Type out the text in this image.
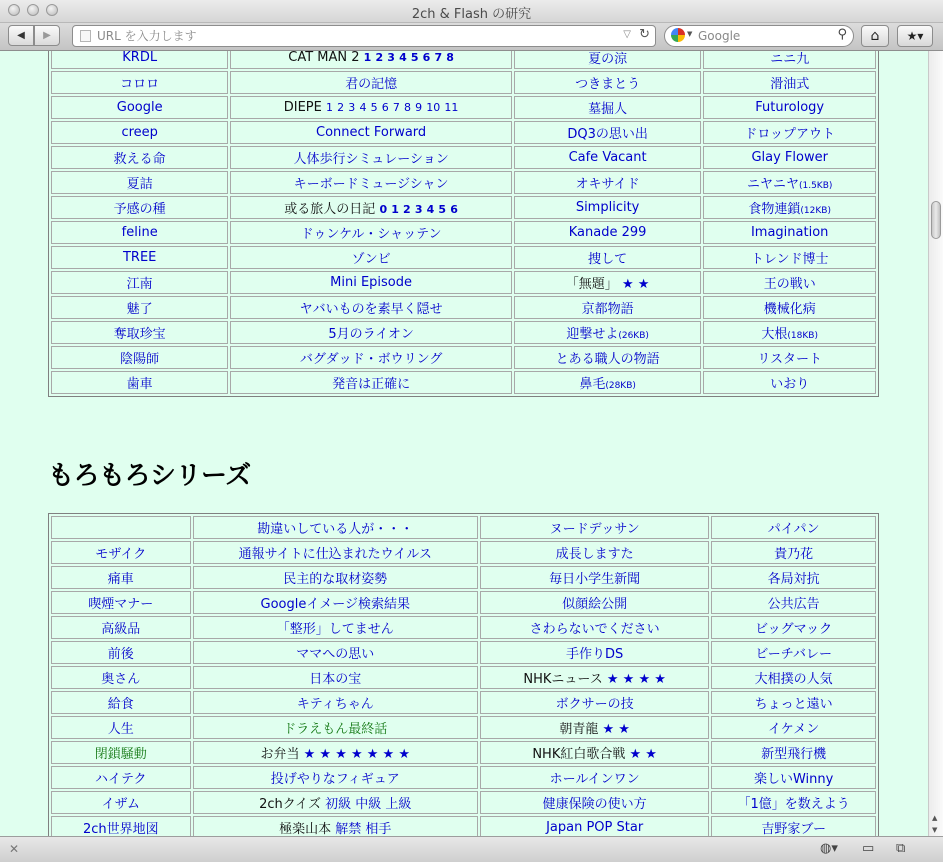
2ch & Flash の研究
◀ ▶
URL を入力します	▽ ↻	▼
Google	⚲ ⌂ ★▾
KRDL	CAT MAN 2 1 2 3 4 5 6 7 8	夏の涼	ニニ九
コロロ	君の記憶	つきまとう	滑油式
Google	DIEPE 1 2 3 4 5 6 7 8 9 10 11	墓掘人	Futurology
creep	Connect Forward	DQ3の思い出	ドロップアウト
救える命	人体歩行シミュレーション	Cafe Vacant	Glay Flower
夏詰	キーボードミュージシャン	オキサイド	ニヤニヤ(1.5KB)
予感の種	或る旅人の日記 0 1 2 3 4 5 6	Simplicity	食物連鎖(12KB)
feline	ドゥンケル・シャッテン	Kanade 299	Imagination
TREE	ゾンビ	捜して	トレンド博士
江南	Mini Episode	「無題」 ★ ★	王の戦い
魅了	ヤバいものを素早く隠せ	京都物語	機械化病
奪取珍宝	5月のライオン	迎撃せよ(26KB)	大根(18KB)
陰陽師	バグダッド・ボウリング	とある職人の物語	リスタート
歯車	発音は正確に	鼻毛(28KB)	いおり
もろもろシリーズ
	勘違いしている人が・・・	ヌードデッサン	パイパン
モザイク	通報サイトに仕込まれたウイルス	成長しますた	貴乃花
痛車	民主的な取材姿勢	毎日小学生新聞	各局対抗
喫煙マナー	Googleイメージ検索結果	似顔絵公開	公共広告
高級品	「整形」してません	さわらないでください	ビッグマック
前後	ママへの思い	手作りDS	ビーチバレー
奥さん	日本の宝	NHKニュース ★ ★ ★ ★	大相撲の人気
給食	キティちゃん	ボクサーの技	ちょっと遠い
人生	ドラえもん最終話	朝青龍 ★ ★	イケメン
閉鎖騒動	お弁当 ★ ★ ★ ★ ★ ★ ★	NHK紅白歌合戦 ★ ★	新型飛行機
ハイテク	投げやりなフィギュア	ホールインワン	楽しいWinny
イザム	2chクイズ 初級 中級 上級	健康保険の使い方	「1億」を数えよう
2ch世界地図	極楽山本 解禁 相手	Japan POP Star	吉野家ブー
▲
▼
✕	◍▾ ▭ ⧉
